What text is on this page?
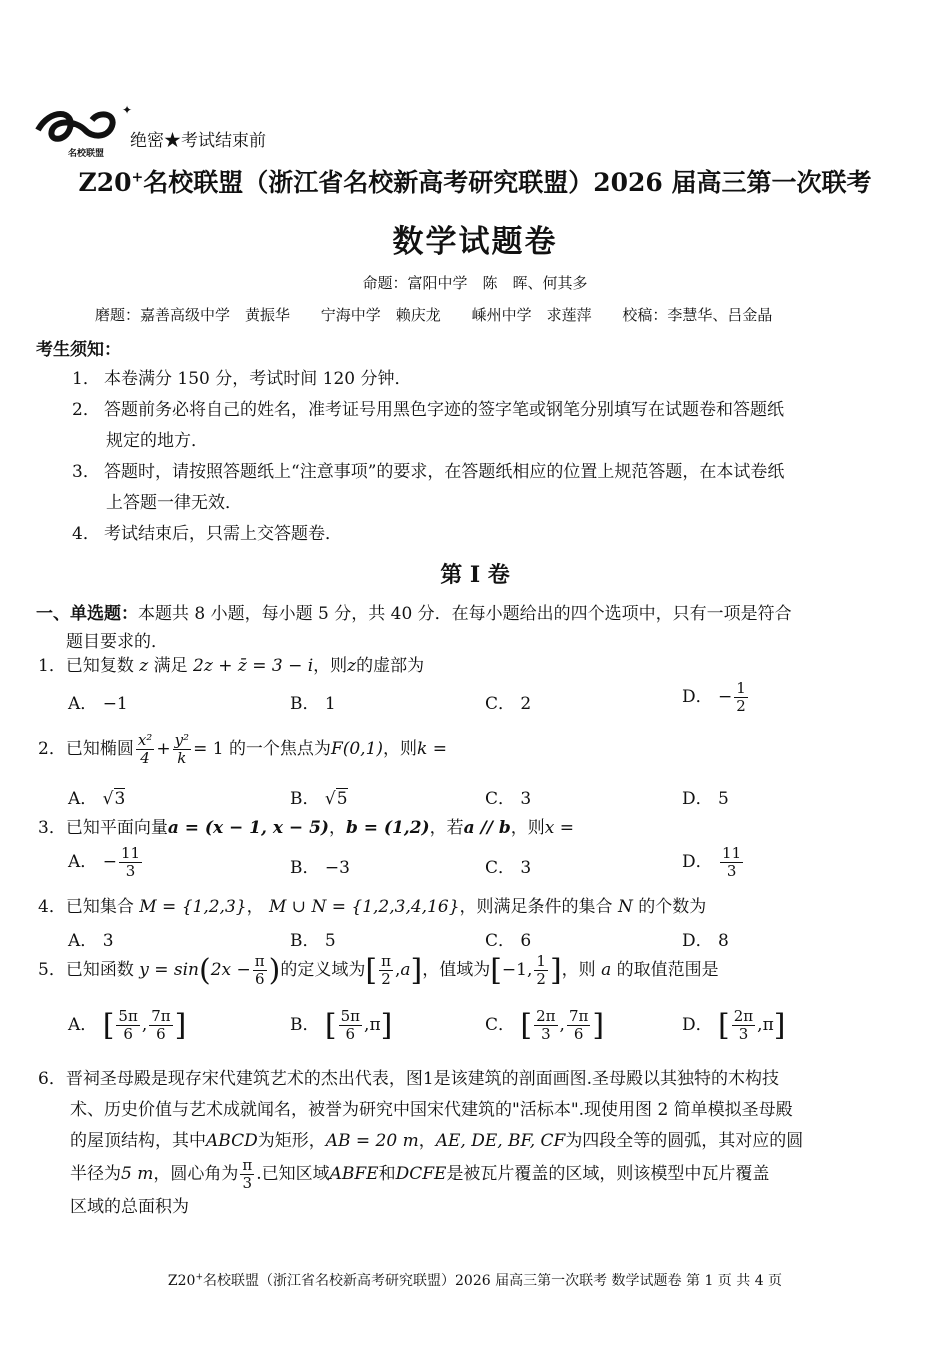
✦
名校联盟
绝密★考试结束前
Z20+名校联盟（浙江省名校新高考研究联盟）2026 届高三第一次联考
数学试题卷
命题：富阳中学　陈　晖、何其多
磨题：嘉善高级中学　黄振华 宁海中学　赖庆龙 嵊州中学　求莲萍 校稿：李慧华、吕金晶
考生须知：
1． 本卷满分 150 分，考试时间 120 分钟．
2． 答题前务必将自己的姓名，准考证号用黑色字迹的签字笔或钢笔分别填写在试题卷和答题纸
规定的地方．
3． 答题时，请按照答题纸上“注意事项”的要求，在答题纸相应的位置上规范答题，在本试卷纸
上答题一律无效．
4． 考试结束后，只需上交答题卷．
第 I 卷
一、单选题：本题共 8 小题，每小题 5 分，共 40 分．在每小题给出的四个选项中，只有一项是符合
题目要求的．
1．已知复数 z 满足 2z + z̄ = 3 − i，则z的虚部为
A． −1	B． 1	C． 2	D． − $\frac{1}{2}$
2．已知椭圆 $\frac{\text{x²}}{4} + \frac{\text{y²}}{k} = 1$ 的一个焦点为F(0,1)，则k =
A． √3	B． √5	C． 3	D． 5
3．已知平面向量a = (x − 1, x − 5)，b = (1,2)，若a // b，则x =
A． − $\frac{11}{3}$	B． −3	C． 3	D． $\frac{11}{3}$
4．已知集合 M = {1,2,3}， M ∪ N = {1,2,3,4,16}，则满足条件的集合 N 的个数为
A． 3	B． 5	C． 6	D． 8
5．已知函数 $y = \sin(2x - \frac{\pi}{6}$ )的定义域为[ $\frac{\pi}{2} ,a$]，值域为[−1, $\frac{1}{2}$ ]，则 a 的取值范围是
A． [ $\frac{5\pi}{6}$ , $\frac{7\pi}{6}$ ]	B． [ $\frac{5\pi}{6} ,\pi$]	C． [ $\frac{2\pi}{3}$ , $\frac{7\pi}{6}$ ]	D． [ $\frac{2\pi}{3} ,\pi$]
6．晋祠圣母殿是现存宋代建筑艺术的杰出代表，图1是该建筑的剖面画图.圣母殿以其独特的木构技
术、历史价值与艺术成就闻名，被誉为研究中国宋代建筑的"活标本".现使用图 2 简单模拟圣母殿
的屋顶结构，其中ABCD为矩形，AB = 20 m，AE, DE, BF, CF为四段全等的圆弧，其对应的圆
半径为5 m，圆心角为 $\frac{\pi}{3}$ .已知区域ABFE和DCFE是被瓦片覆盖的区域，则该模型中瓦片覆盖
区域的总面积为
Z20+名校联盟（浙江省名校新高考研究联盟）2026 届高三第一次联考 数学试题卷 第 1 页 共 4 页
